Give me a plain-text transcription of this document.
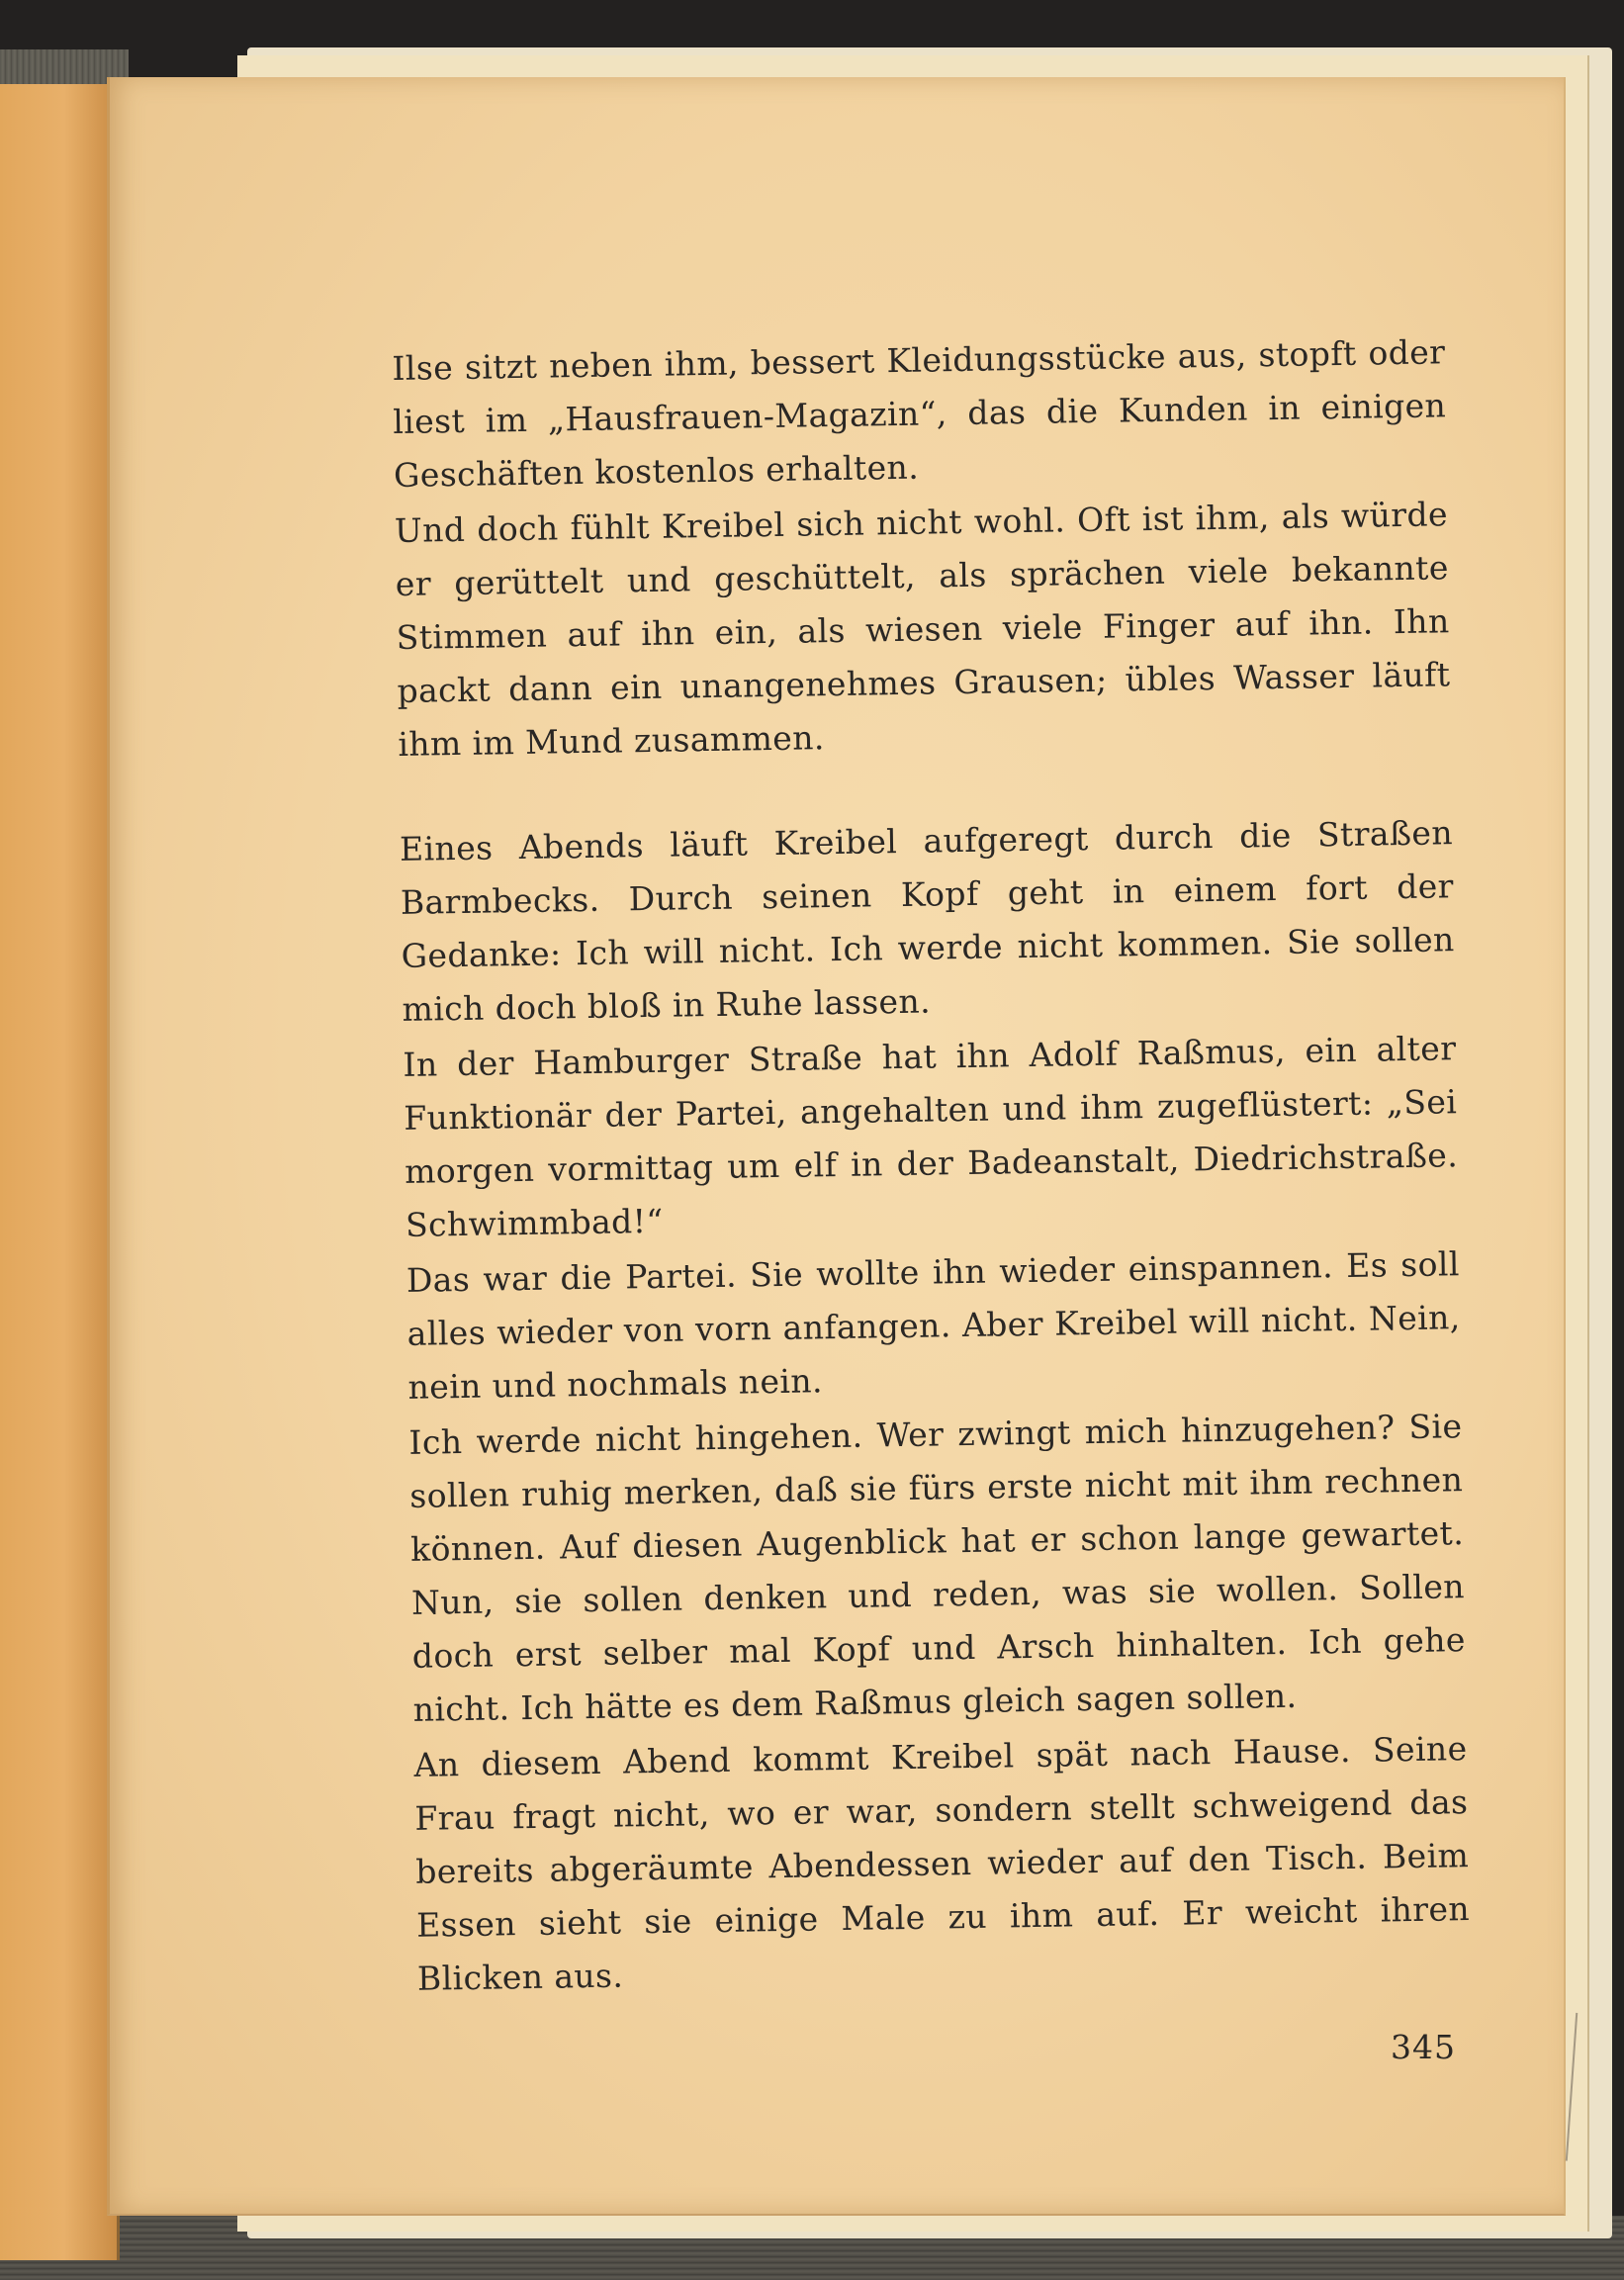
Ilse sitzt neben ihm, bessert Kleidungsstücke aus, stopft oder liest im „Hausfrauen-Magazin“, das die Kunden in einigen Geschäften kostenlos erhalten.

Und doch fühlt Kreibel sich nicht wohl. Oft ist ihm, als würde er gerüttelt und geschüttelt, als sprächen viele bekannte Stimmen auf ihn ein, als wiesen viele Finger auf ihn. Ihn packt dann ein unangenehmes Grausen; übles Wasser läuft ihm im Mund zusammen.

Eines Abends läuft Kreibel aufgeregt durch die Straßen Barmbecks. Durch seinen Kopf geht in einem fort der Gedanke: Ich will nicht. Ich werde nicht kommen. Sie sollen mich doch bloß in Ruhe lassen.

In der Hamburger Straße hat ihn Adolf Raßmus, ein alter Funktionär der Partei, angehalten und ihm zugeflüstert: „Sei morgen vormittag um elf in der Badeanstalt, Diedrichstraße. Schwimmbad!“

Das war die Partei. Sie wollte ihn wieder einspannen. Es soll alles wieder von vorn anfangen. Aber Kreibel will nicht. Nein, nein und nochmals nein.

Ich werde nicht hingehen. Wer zwingt mich hinzugehen? Sie sollen ruhig merken, daß sie fürs erste nicht mit ihm rechnen können. Auf diesen Augenblick hat er schon lange gewartet. Nun, sie sollen denken und reden, was sie wollen. Sollen doch erst selber mal Kopf und Arsch hinhalten. Ich gehe nicht. Ich hätte es dem Raßmus gleich sagen sollen.

An diesem Abend kommt Kreibel spät nach Hause. Seine Frau fragt nicht, wo er war, sondern stellt schweigend das bereits abgeräumte Abendessen wieder auf den Tisch. Beim Essen sieht sie einige Male zu ihm auf. Er weicht ihren Blicken aus.

345
